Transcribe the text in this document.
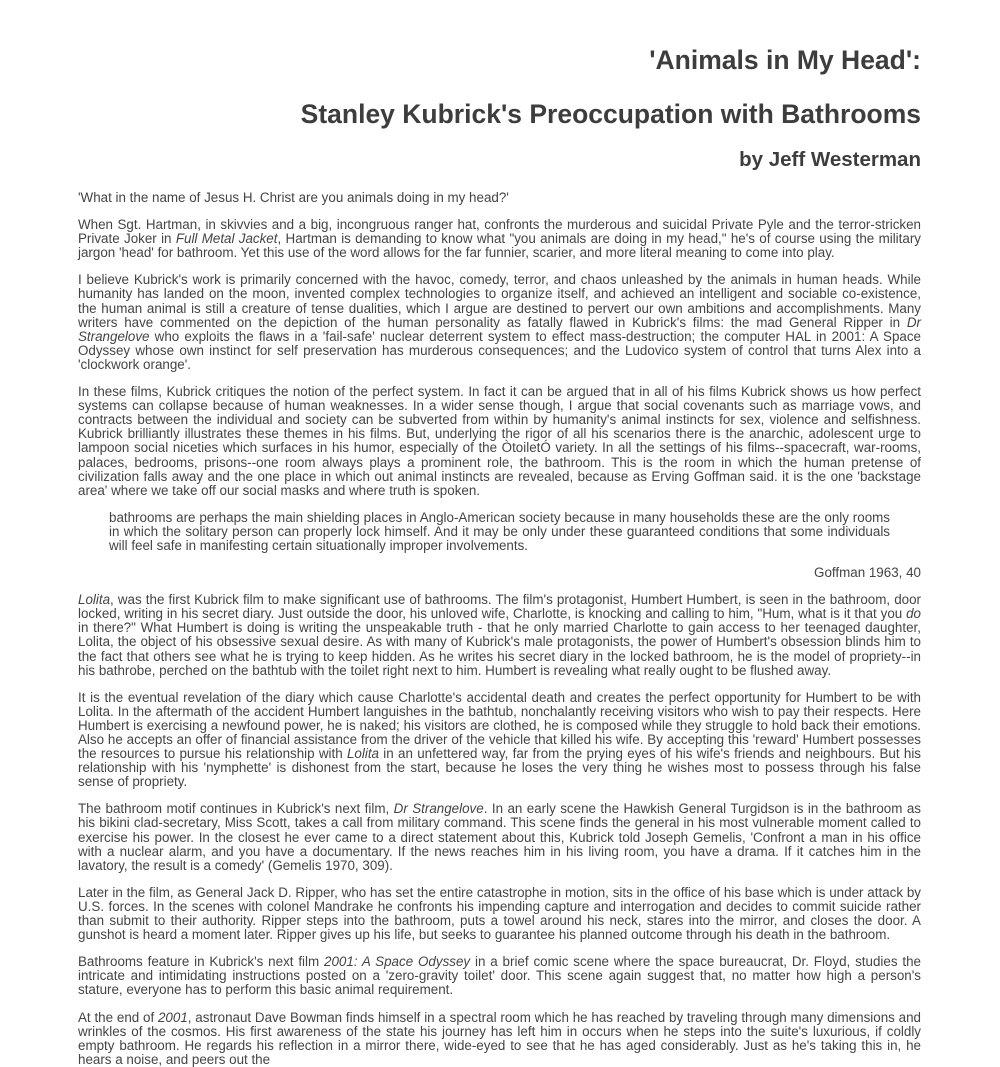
'Animals in My Head':
Stanley Kubrick's Preoccupation with Bathrooms
by Jeff Westerman

'What in the name of Jesus H. Christ are you animals doing in my head?'

When Sgt. Hartman, in skivvies and a big, incongruous ranger hat, confronts the murderous and suicidal Private Pyle and the terror-stricken Private Joker in Full Metal Jacket, Hartman is demanding to know what "you animals are doing in my head," he's of course using the military jargon 'head' for bathroom. Yet this use of the word allows for the far funnier, scarier, and more literal meaning to come into play.

I believe Kubrick's work is primarily concerned with the havoc, comedy, terror, and chaos unleashed by the animals in human heads. While humanity has landed on the moon, invented complex technologies to organize itself, and achieved an intelligent and sociable co-existence, the human animal is still a creature of tense dualities, which I argue are destined to pervert our own ambitions and accomplishments. Many writers have commented on the depiction of the human personality as fatally flawed in Kubrick's films: the mad General Ripper in Dr Strangelove who exploits the flaws in a 'fail-safe' nuclear deterrent system to effect mass-destruction; the computer HAL in 2001: A Space Odyssey whose own instinct for self preservation has murderous consequences; and the Ludovico system of control that turns Alex into a 'clockwork orange'.

In these films, Kubrick critiques the notion of the perfect system. In fact it can be argued that in all of his films Kubrick shows us how perfect systems can collapse because of human weaknesses. In a wider sense though, I argue that social covenants such as marriage vows, and contracts between the individual and society can be subverted from within by humanity's animal instincts for sex, violence and selfishness. Kubrick brilliantly illustrates these themes in his films. But, underlying the rigor of all his scenarios there is the anarchic, adolescent urge to lampoon social niceties which surfaces in his humor, especially of the ÒtoiletÓ variety. In all the settings of his films--spacecraft, war-rooms, palaces, bedrooms, prisons--one room always plays a prominent role, the bathroom. This is the room in which the human pretense of civilization falls away and the one place in which out animal instincts are revealed, because as Erving Goffman said. it is the one 'backstage area' where we take off our social masks and where truth is spoken.

bathrooms are perhaps the main shielding places in Anglo-American society because in many households these are the only rooms in which the solitary person can properly lock himself. And it may be only under these guaranteed conditions that some individuals will feel safe in manifesting certain situationally improper involvements.

Goffman 1963, 40

Lolita, was the first Kubrick film to make significant use of bathrooms. The film's protagonist, Humbert Humbert, is seen in the bathroom, door locked, writing in his secret diary. Just outside the door, his unloved wife, Charlotte, is knocking and calling to him, "Hum, what is it that you do in there?" What Humbert is doing is writing the unspeakable truth - that he only married Charlotte to gain access to her teenaged daughter, Lolita, the object of his obsessive sexual desire. As with many of Kubrick's male protagonists, the power of Humbert's obsession blinds him to the fact that others see what he is trying to keep hidden. As he writes his secret diary in the locked bathroom, he is the model of propriety--in his bathrobe, perched on the bathtub with the toilet right next to him. Humbert is revealing what really ought to be flushed away.

It is the eventual revelation of the diary which cause Charlotte's accidental death and creates the perfect opportunity for Humbert to be with Lolita. In the aftermath of the accident Humbert languishes in the bathtub, nonchalantly receiving visitors who wish to pay their respects. Here Humbert is exercising a newfound power, he is naked; his visitors are clothed, he is composed while they struggle to hold back their emotions. Also he accepts an offer of financial assistance from the driver of the vehicle that killed his wife. By accepting this 'reward' Humbert possesses the resources to pursue his relationship with Lolita in an unfettered way, far from the prying eyes of his wife's friends and neighbours. But his relationship with his 'nymphette' is dishonest from the start, because he loses the very thing he wishes most to possess through his false sense of propriety.

The bathroom motif continues in Kubrick's next film, Dr Strangelove. In an early scene the Hawkish General Turgidson is in the bathroom as his bikini clad-secretary, Miss Scott, takes a call from military command. This scene finds the general in his most vulnerable moment called to exercise his power. In the closest he ever came to a direct statement about this, Kubrick told Joseph Gemelis, 'Confront a man in his office with a nuclear alarm, and you have a documentary. If the news reaches him in his living room, you have a drama. If it catches him in the lavatory, the result is a comedy' (Gemelis 1970, 309).

Later in the film, as General Jack D. Ripper, who has set the entire catastrophe in motion, sits in the office of his base which is under attack by U.S. forces. In the scenes with colonel Mandrake he confronts his impending capture and interrogation and decides to commit suicide rather than submit to their authority. Ripper steps into the bathroom, puts a towel around his neck, stares into the mirror, and closes the door. A gunshot is heard a moment later. Ripper gives up his life, but seeks to guarantee his planned outcome through his death in the bathroom.

Bathrooms feature in Kubrick's next film 2001: A Space Odyssey in a brief comic scene where the space bureaucrat, Dr. Floyd, studies the intricate and intimidating instructions posted on a 'zero-gravity toilet' door. This scene again suggest that, no matter how high a person's stature, everyone has to perform this basic animal requirement.

At the end of 2001, astronaut Dave Bowman finds himself in a spectral room which he has reached by traveling through many dimensions and wrinkles of the cosmos. His first awareness of the state his journey has left him in occurs when he steps into the suite's luxurious, if coldly empty bathroom. He regards his reflection in a mirror there, wide-eyed to see that he has aged considerably. Just as he's taking this in, he hears a noise, and peers out the
